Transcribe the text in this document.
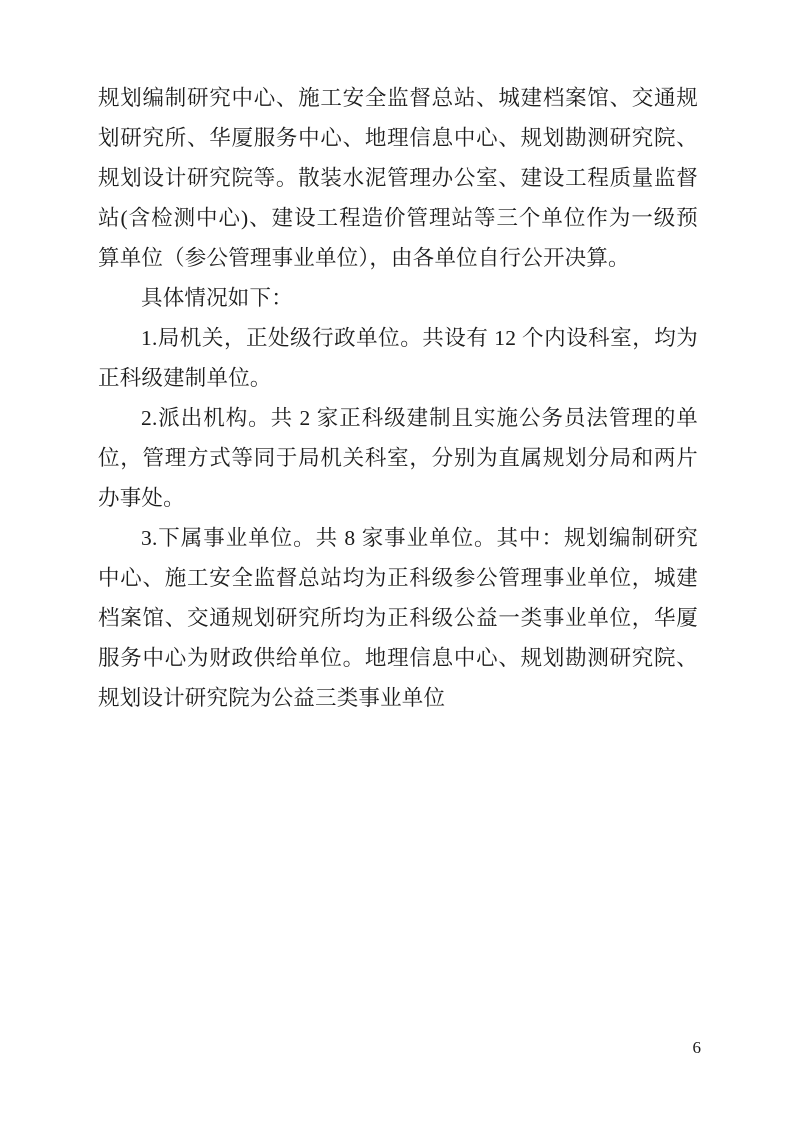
规划编制研究中心、施工安全监督总站、城建档案馆、交通规划研究所、华厦服务中心、地理信息中心、规划勘测研究院、规划设计研究院等。散装水泥管理办公室、建设工程质量监督站(含检测中心)、建设工程造价管理站等三个单位作为一级预算单位（参公管理事业单位），由各单位自行公开决算。

具体情况如下：

1.局机关，正处级行政单位。共设有 12 个内设科室，均为正科级建制单位。

2.派出机构。共 2 家正科级建制且实施公务员法管理的单位，管理方式等同于局机关科室，分别为直属规划分局和两片办事处。

3.下属事业单位。共 8 家事业单位。其中：规划编制研究中心、施工安全监督总站均为正科级参公管理事业单位，城建档案馆、交通规划研究所均为正科级公益一类事业单位，华厦服务中心为财政供给单位。地理信息中心、规划勘测研究院、规划设计研究院为公益三类事业单位

6
